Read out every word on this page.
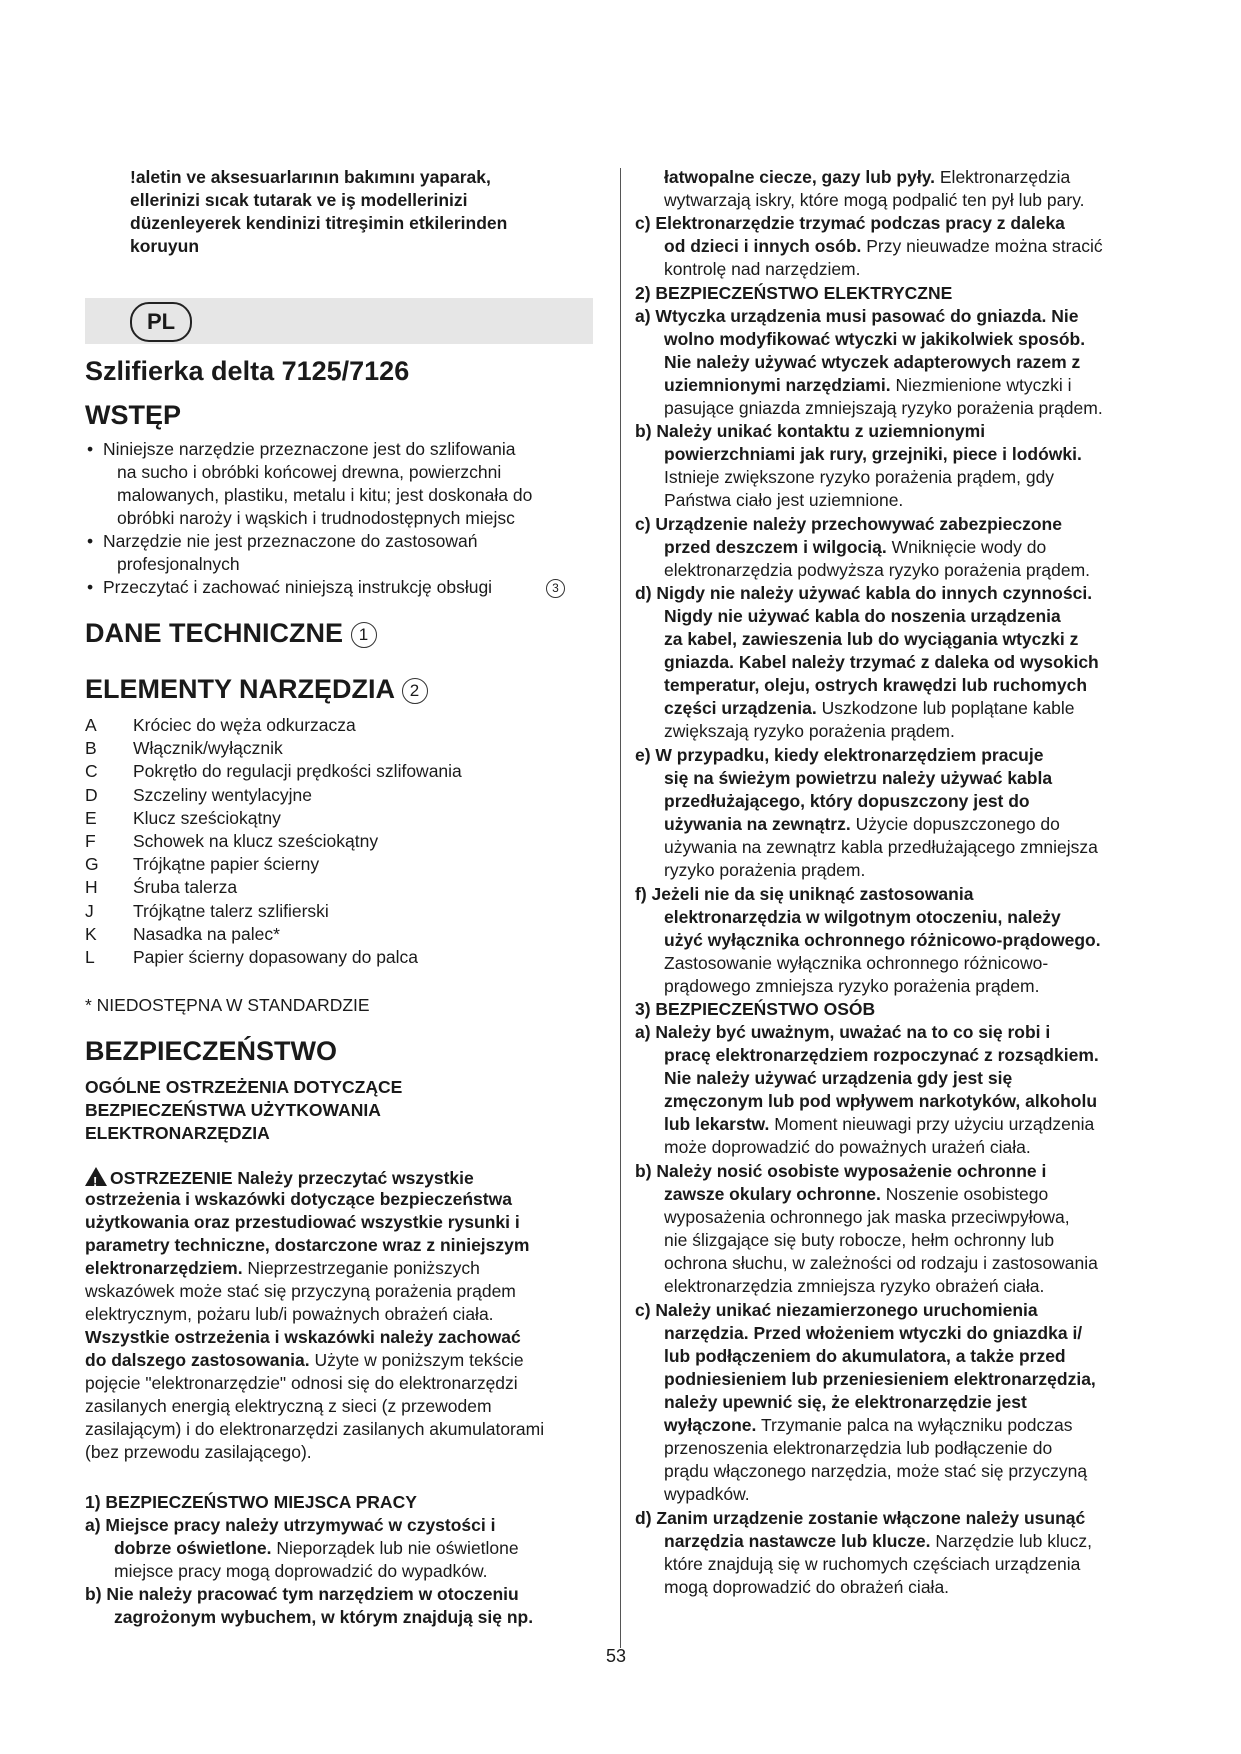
!aletin ve aksesuarlarının bakımını yaparak,

ellerinizi sıcak tutarak ve iş modellerinizi

düzenleyerek kendinizi titreşimin etkilerinden

koruyun

PL
Szlifierka delta 7125/7126
WSTĘP

• Niniejsze narzędzie przeznaczone jest do szlifowania

na sucho i obróbki końcowej drewna, powierzchni

malowanych, plastiku, metalu i kitu; jest doskonała do

obróbki naroży i wąskich i trudnodostępnych miejsc

• Narzędzie nie jest przeznaczone do zastosowań

profesjonalnych

• Przeczytać i zachować niniejszą instrukcję obsługi	3
DANE TECHNICZNE 1
ELEMENTY NARZĘDZIA 2
A Króciec do węża odkurzacza
B Włącznik/wyłącznik
C Pokrętło do regulacji prędkości szlifowania
D Szczeliny wentylacyjne
E Klucz sześciokątny
F Schowek na klucz sześciokątny
G Trójkątne papier ścierny
H Śruba talerza
J Trójkątne talerz szlifierski
K Nasadka na palec*
L Papier ścierny dopasowany do palca

* NIEDOSTĘPNA W STANDARDZIE

BEZPIECZEŃSTWO

OGÓLNE OSTRZEŻENIA DOTYCZĄCE

BEZPIECZEŃSTWA UŻYTKOWANIA

ELEKTRONARZĘDZIA

!OSTRZEZENIE Należy przeczytać wszystkie

ostrzeżenia i wskazówki dotyczące bezpieczeństwa

użytkowania oraz przestudiować wszystkie rysunki i

parametry techniczne, dostarczone wraz z niniejszym

elektronarzędziem. Nieprzestrzeganie poniższych

wskazówek może stać się przyczyną porażenia prądem

elektrycznym, pożaru lub/i poważnych obrażeń ciała.

Wszystkie ostrzeżenia i wskazówki należy zachować

do dalszego zastosowania. Użyte w poniższym tekście

pojęcie "elektronarzędzie" odnosi się do elektronarzędzi

zasilanych energią elektryczną z sieci (z przewodem

zasilającym) i do elektronarzędzi zasilanych akumulatorami

(bez przewodu zasilającego).

1) BEZPIECZEŃSTWO MIEJSCA PRACY

a) Miejsce pracy należy utrzymywać w czystości i

dobrze oświetlone. Nieporządek lub nie oświetlone

miejsce pracy mogą doprowadzić do wypadków.

b) Nie należy pracować tym narzędziem w otoczeniu

zagrożonym wybuchem, w którym znajdują się np.

łatwopalne ciecze, gazy lub pyły. Elektronarzędzia

wytwarzają iskry, które mogą podpalić ten pył lub pary.

c) Elektronarzędzie trzymać podczas pracy z daleka

od dzieci i innych osób. Przy nieuwadze można stracić

kontrolę nad narzędziem.

2) BEZPIECZEŃSTWO ELEKTRYCZNE

a) Wtyczka urządzenia musi pasować do gniazda. Nie

wolno modyfikować wtyczki w jakikolwiek sposób.

Nie należy używać wtyczek adapterowych razem z

uziemnionymi narzędziami. Niezmienione wtyczki i

pasujące gniazda zmniejszają ryzyko porażenia prądem.

b) Należy unikać kontaktu z uziemnionymi

powierzchniami jak rury, grzejniki, piece i lodówki.

Istnieje zwiększone ryzyko porażenia prądem, gdy

Państwa ciało jest uziemnione.

c) Urządzenie należy przechowywać zabezpieczone

przed deszczem i wilgocią. Wniknięcie wody do

elektronarzędzia podwyższa ryzyko porażenia prądem.

d) Nigdy nie należy używać kabla do innych czynności.

Nigdy nie używać kabla do noszenia urządzenia

za kabel, zawieszenia lub do wyciągania wtyczki z

gniazda. Kabel należy trzymać z daleka od wysokich

temperatur, oleju, ostrych krawędzi lub ruchomych

części urządzenia. Uszkodzone lub poplątane kable

zwiększają ryzyko porażenia prądem.

e) W przypadku, kiedy elektronarzędziem pracuje

się na świeżym powietrzu należy używać kabla

przedłużającego, który dopuszczony jest do

używania na zewnątrz. Użycie dopuszczonego do

używania na zewnątrz kabla przedłużającego zmniejsza

ryzyko porażenia prądem.

f) Jeżeli nie da się uniknąć zastosowania

elektronarzędzia w wilgotnym otoczeniu, należy

użyć wyłącznika ochronnego różnicowo-prądowego.

Zastosowanie wyłącznika ochronnego różnicowo-

prądowego zmniejsza ryzyko porażenia prądem.

3) BEZPIECZEŃSTWO OSÓB

a) Należy być uważnym, uważać na to co się robi i

pracę elektronarzędziem rozpoczynać z rozsądkiem.

Nie należy używać urządzenia gdy jest się

zmęczonym lub pod wpływem narkotyków, alkoholu

lub lekarstw. Moment nieuwagi przy użyciu urządzenia

może doprowadzić do poważnych urażeń ciała.

b) Należy nosić osobiste wyposażenie ochronne i

zawsze okulary ochronne. Noszenie osobistego

wyposażenia ochronnego jak maska przeciwpyłowa,

nie ślizgające się buty robocze, hełm ochronny lub

ochrona słuchu, w zależności od rodzaju i zastosowania

elektronarzędzia zmniejsza ryzyko obrażeń ciała.

c) Należy unikać niezamierzonego uruchomienia

narzędzia. Przed włożeniem wtyczki do gniazdka i/

lub podłączeniem do akumulatora, a także przed

podniesieniem lub przeniesieniem elektronarzędzia,

należy upewnić się, że elektronarzędzie jest

wyłączone. Trzymanie palca na wyłączniku podczas

przenoszenia elektronarzędzia lub podłączenie do

prądu włączonego narzędzia, może stać się przyczyną

wypadków.

d) Zanim urządzenie zostanie włączone należy usunąć

narzędzia nastawcze lub klucze. Narzędzie lub klucz,

które znajdują się w ruchomych częściach urządzenia

mogą doprowadzić do obrażeń ciała.

53
